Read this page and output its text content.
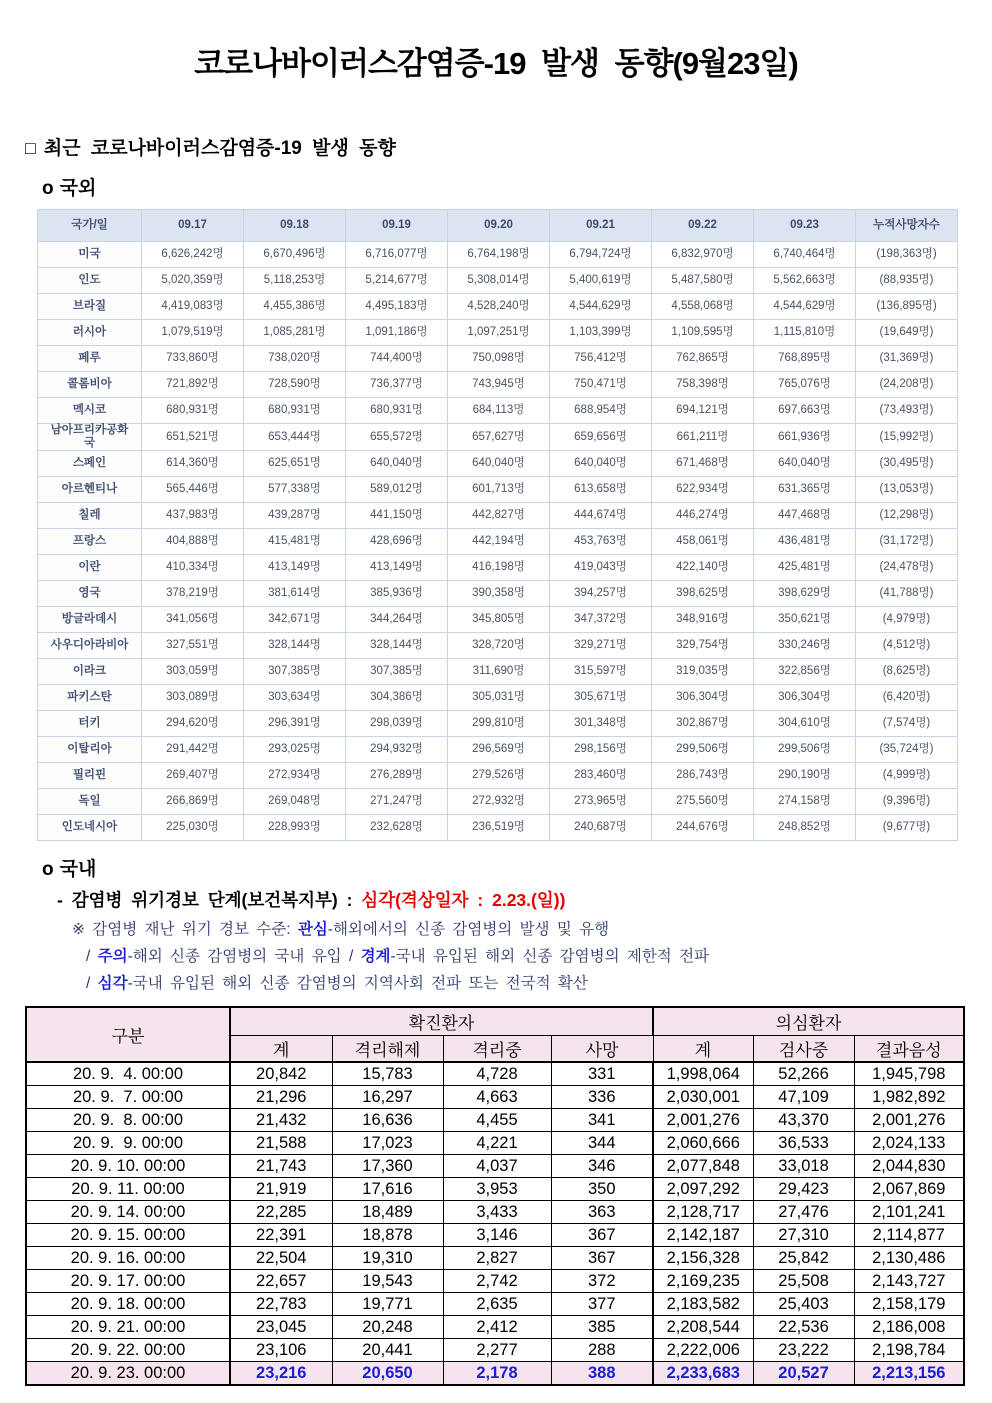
코로나바이러스감염증-19 발생 동향(9월23일)
□ 최근 코로나바이러스감염증-19 발생 동향
o 국외
국가/일	09.17	09.18	09.19	09.20	09.21	09.22	09.23	누적사망자수
미국	6,626,242명	6,670,496명	6,716,077명	6,764,198명	6,794,724명	6,832,970명	6,740,464명	(198,363명)
인도	5,020,359명	5,118,253명	5,214,677명	5,308,014명	5,400,619명	5,487,580명	5,562,663명	(88,935명)
브라질	4,419,083명	4,455,386명	4,495,183명	4,528,240명	4,544,629명	4,558,068명	4,544,629명	(136,895명)
러시아	1,079,519명	1,085,281명	1,091,186명	1,097,251명	1,103,399명	1,109,595명	1,115,810명	(19,649명)
페루	733,860명	738,020명	744,400명	750,098명	756,412명	762,865명	768,895명	(31,369명)
콜롬비아	721,892명	728,590명	736,377명	743,945명	750,471명	758,398명	765,076명	(24,208명)
멕시코	680,931명	680,931명	680,931명	684,113명	688,954명	694,121명	697,663명	(73,493명)
남아프리카공화국	651,521명	653,444명	655,572명	657,627명	659,656명	661,211명	661,936명	(15,992명)
스페인	614,360명	625,651명	640,040명	640,040명	640,040명	671,468명	640,040명	(30,495명)
아르헨티나	565,446명	577,338명	589,012명	601,713명	613,658명	622,934명	631,365명	(13,053명)
칠레	437,983명	439,287명	441,150명	442,827명	444,674명	446,274명	447,468명	(12,298명)
프랑스	404,888명	415,481명	428,696명	442,194명	453,763명	458,061명	436,481명	(31,172명)
이란	410,334명	413,149명	413,149명	416,198명	419,043명	422,140명	425,481명	(24,478명)
영국	378,219명	381,614명	385,936명	390,358명	394,257명	398,625명	398,629명	(41,788명)
방글라데시	341,056명	342,671명	344,264명	345,805명	347,372명	348,916명	350,621명	(4,979명)
사우디아라비아	327,551명	328,144명	328,144명	328,720명	329,271명	329,754명	330,246명	(4,512명)
이라크	303,059명	307,385명	307,385명	311,690명	315,597명	319,035명	322,856명	(8,625명)
파키스탄	303,089명	303,634명	304,386명	305,031명	305,671명	306,304명	306,304명	(6,420명)
터키	294,620명	296,391명	298,039명	299,810명	301,348명	302,867명	304,610명	(7,574명)
이탈리아	291,442명	293,025명	294,932명	296,569명	298,156명	299,506명	299,506명	(35,724명)
필리핀	269,407명	272,934명	276,289명	279,526명	283,460명	286,743명	290,190명	(4,999명)
독일	266,869명	269,048명	271,247명	272,932명	273,965명	275,560명	274,158명	(9,396명)
인도네시아	225,030명	228,993명	232,628명	236,519명	240,687명	244,676명	248,852명	(9,677명)
o 국내
- 감염병 위기경보 단계(보건복지부) : 심각(격상일자 : 2.23.(일))
※ 감염병 재난 위기 경보 수준: 관심-해외에서의 신종 감염병의 발생 및 유행
/ 주의-해외 신종 감염병의 국내 유입 / 경계-국내 유입된 해외 신종 감염병의 제한적 전파
/ 심각-국내 유입된 해외 신종 감염병의 지역사회 전파 또는 전국적 확산
구분	확진환자				의심환자		
	계	격리해제	격리중	사망	계	검사중	결과음성
20. 9.  4. 00:00	20,842	15,783	4,728	331	1,998,064	52,266	1,945,798
20. 9.  7. 00:00	21,296	16,297	4,663	336	2,030,001	47,109	1,982,892
20. 9.  8. 00:00	21,432	16,636	4,455	341	2,001,276	43,370	2,001,276
20. 9.  9. 00:00	21,588	17,023	4,221	344	2,060,666	36,533	2,024,133
20. 9. 10. 00:00	21,743	17,360	4,037	346	2,077,848	33,018	2,044,830
20. 9. 11. 00:00	21,919	17,616	3,953	350	2,097,292	29,423	2,067,869
20. 9. 14. 00:00	22,285	18,489	3,433	363	2,128,717	27,476	2,101,241
20. 9. 15. 00:00	22,391	18,878	3,146	367	2,142,187	27,310	2,114,877
20. 9. 16. 00:00	22,504	19,310	2,827	367	2,156,328	25,842	2,130,486
20. 9. 17. 00:00	22,657	19,543	2,742	372	2,169,235	25,508	2,143,727
20. 9. 18. 00:00	22,783	19,771	2,635	377	2,183,582	25,403	2,158,179
20. 9. 21. 00:00	23,045	20,248	2,412	385	2,208,544	22,536	2,186,008
20. 9. 22. 00:00	23,106	20,441	2,277	288	2,222,006	23,222	2,198,784
20. 9. 23. 00:00	23,216	20,650	2,178	388	2,233,683	20,527	2,213,156
